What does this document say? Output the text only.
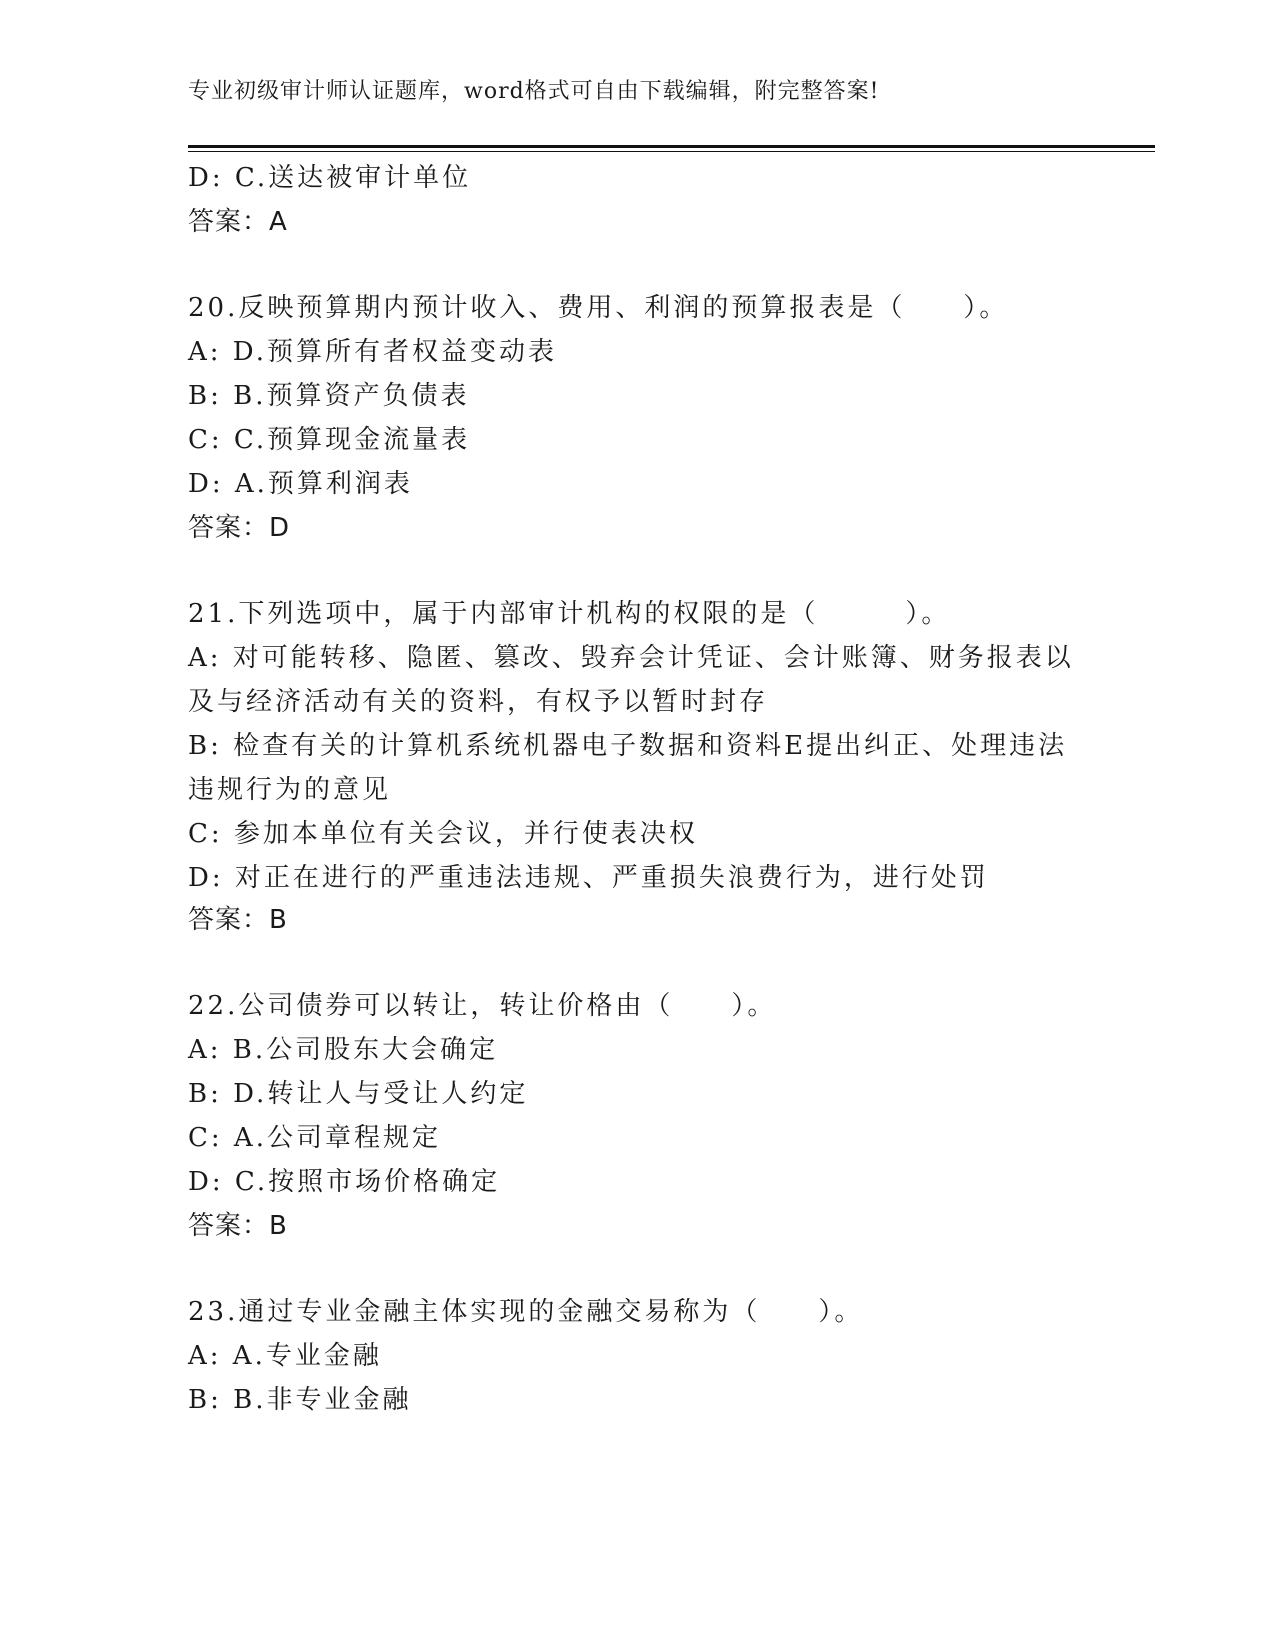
专业初级审计师认证题库，word格式可自由下载编辑，附完整答案!
D: C.送达被审计单位
答案：A
20.反映预算期内预计收入、费用、利润的预算报表是（　　）。
A: D.预算所有者权益变动表
B: B.预算资产负债表
C: C.预算现金流量表
D: A.预算利润表
答案：D
21.下列选项中，属于内部审计机构的权限的是（　　　）。
A: 对可能转移、隐匿、篡改、毁弃会计凭证、会计账簿、财务报表以
及与经济活动有关的资料，有权予以暂时封存
B: 检查有关的计算机系统机器电子数据和资料E提出纠正、处理违法
违规行为的意见
C: 参加本单位有关会议，并行使表决权
D: 对正在进行的严重违法违规、严重损失浪费行为，进行处罚
答案：B
22.公司债券可以转让，转让价格由（　　）。
A: B.公司股东大会确定
B: D.转让人与受让人约定
C: A.公司章程规定
D: C.按照市场价格确定
答案：B
23.通过专业金融主体实现的金融交易称为（　　）。
A: A.专业金融
B: B.非专业金融
